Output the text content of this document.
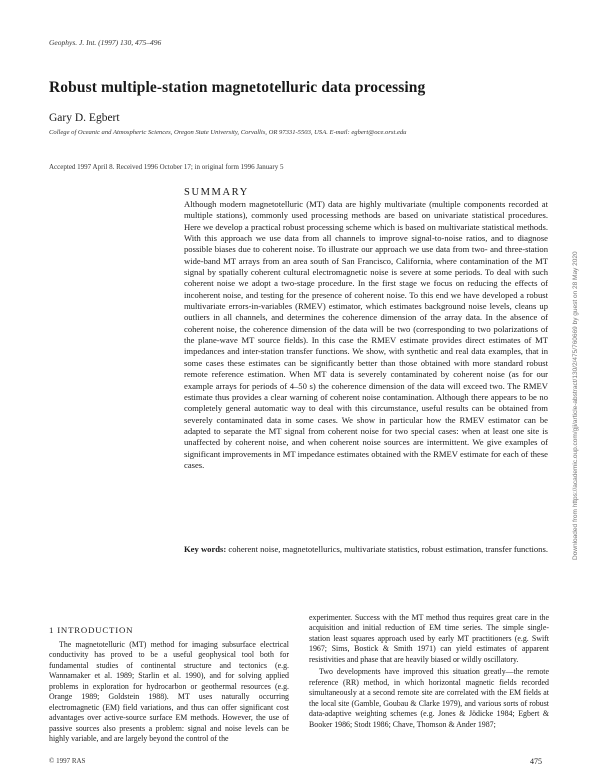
Geophys. J. Int. (1997) 130, 475–496
Robust multiple-station magnetotelluric data processing
Gary D. Egbert
College of Oceanic and Atmospheric Sciences, Oregon State University, Corvallis, OR 97331-5503, USA. E-mail: egbert@oce.orst.edu
Accepted 1997 April 8. Received 1996 October 17; in original form 1996 January 5
SUMMARY

Although modern magnetotelluric (MT) data are highly multivariate (multiple components recorded at multiple stations), commonly used processing methods are based on univariate statistical procedures. Here we develop a practical robust processing scheme which is based on multivariate statistical methods. With this approach we use data from all channels to improve signal-to-noise ratios, and to diagnose possible biases due to coherent noise. To illustrate our approach we use data from two- and three-station wide-band MT arrays from an area south of San Francisco, California, where contamination of the MT signal by spatially coherent cultural electromagnetic noise is severe at some periods. To deal with such coherent noise we adopt a two-stage procedure. In the first stage we focus on reducing the effects of incoherent noise, and testing for the presence of coherent noise. To this end we have developed a robust multivariate errors-in-variables (RMEV) estimator, which estimates background noise levels, cleans up outliers in all channels, and determines the coherence dimension of the array data. In the absence of coherent noise, the coherence dimension of the data will be two (corresponding to two polarizations of the plane-wave MT source fields). In this case the RMEV estimate provides direct estimates of MT impedances and inter-station transfer functions. We show, with synthetic and real data examples, that in some cases these estimates can be significantly better than those obtained with more standard robust remote reference estimation. When MT data is severely contaminated by coherent noise (as for our example arrays for periods of 4–50 s) the coherence dimension of the data will exceed two. The RMEV estimate thus provides a clear warning of coherent noise contamination. Although there appears to be no completely general automatic way to deal with this circumstance, useful results can be obtained from severely contaminated data in some cases. We show in particular how the RMEV estimator can be adapted to separate the MT signal from coherent noise for two special cases: when at least one site is unaffected by coherent noise, and when coherent noise sources are intermittent. We give examples of significant improvements in MT impedance estimates obtained with the RMEV estimate for each of these cases.

Key words: coherent noise, magnetotellurics, multivariate statistics, robust estimation, transfer functions.
1 INTRODUCTION

The magnetotelluric (MT) method for imaging subsurface electrical conductivity has proved to be a useful geophysical tool both for fundamental studies of continental structure and tectonics (e.g. Wannamaker et al. 1989; Starlin et al. 1990), and for solving applied problems in exploration for hydrocarbon or geothermal resources (e.g. Orange 1989; Goldstein 1988). MT uses naturally occurring electromagnetic (EM) field variations, and thus can offer significant cost advantages over active-source surface EM methods. However, the use of passive sources also presents a problem: signal and noise levels can be highly variable, and are largely beyond the control of the

experimenter. Success with the MT method thus requires great care in the acquisition and initial reduction of EM time series. The simple single-station least squares approach used by early MT practitioners (e.g. Swift 1967; Sims, Bostick & Smith 1971) can yield estimates of apparent resistivities and phase that are heavily biased or wildly oscillatory.

Two developments have improved this situation greatly—the remote reference (RR) method, in which horizontal magnetic fields recorded simultaneously at a second remote site are correlated with the EM fields at the local site (Gamble, Goubau & Clarke 1979), and various sorts of robust data-adaptive weighting schemes (e.g. Jones & Jödicke 1984; Egbert & Booker 1986; Stodt 1986; Chave, Thomson & Ander 1987;

© 1997 RAS	475
Downloaded from https://academic.oup.com/gji/article-abstract/130/2/475/760669 by guest on 28 May 2020
